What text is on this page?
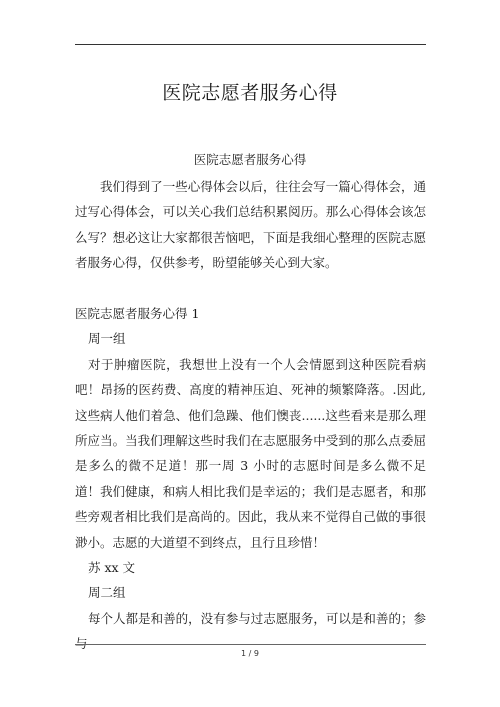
医院志愿者服务心得
医院志愿者服务心得

我们得到了一些心得体会以后，往往会写一篇心得体会，通过写心得体会，可以关心我们总结积累阅历。那么心得体会该怎么写？想必这让大家都很苦恼吧，下面是我细心整理的医院志愿者服务心得，仅供参考，盼望能够关心到大家。

医院志愿者服务心得 1
周一组

对于肿瘤医院，我想世上没有一个人会情愿到这种医院看病吧！昂扬的医药费、高度的精神压迫、死神的频繁降落。.因此,这些病人他们着急、他们急躁、他们懊丧......这些看来是那么理所应当。当我们理解这些时我们在志愿服务中受到的那么点委屈是多么的微不足道！那一周 3 小时的志愿时间是多么微不足道！我们健康，和病人相比我们是幸运的；我们是志愿者，和那些旁观者相比我们是高尚的。因此，我从来不觉得自己做的事很渺小。志愿的大道望不到终点，且行且珍惜！

苏 xx 文
周二组

每个人都是和善的，没有参与过志愿服务，可以是和善的；参与

1 / 9
